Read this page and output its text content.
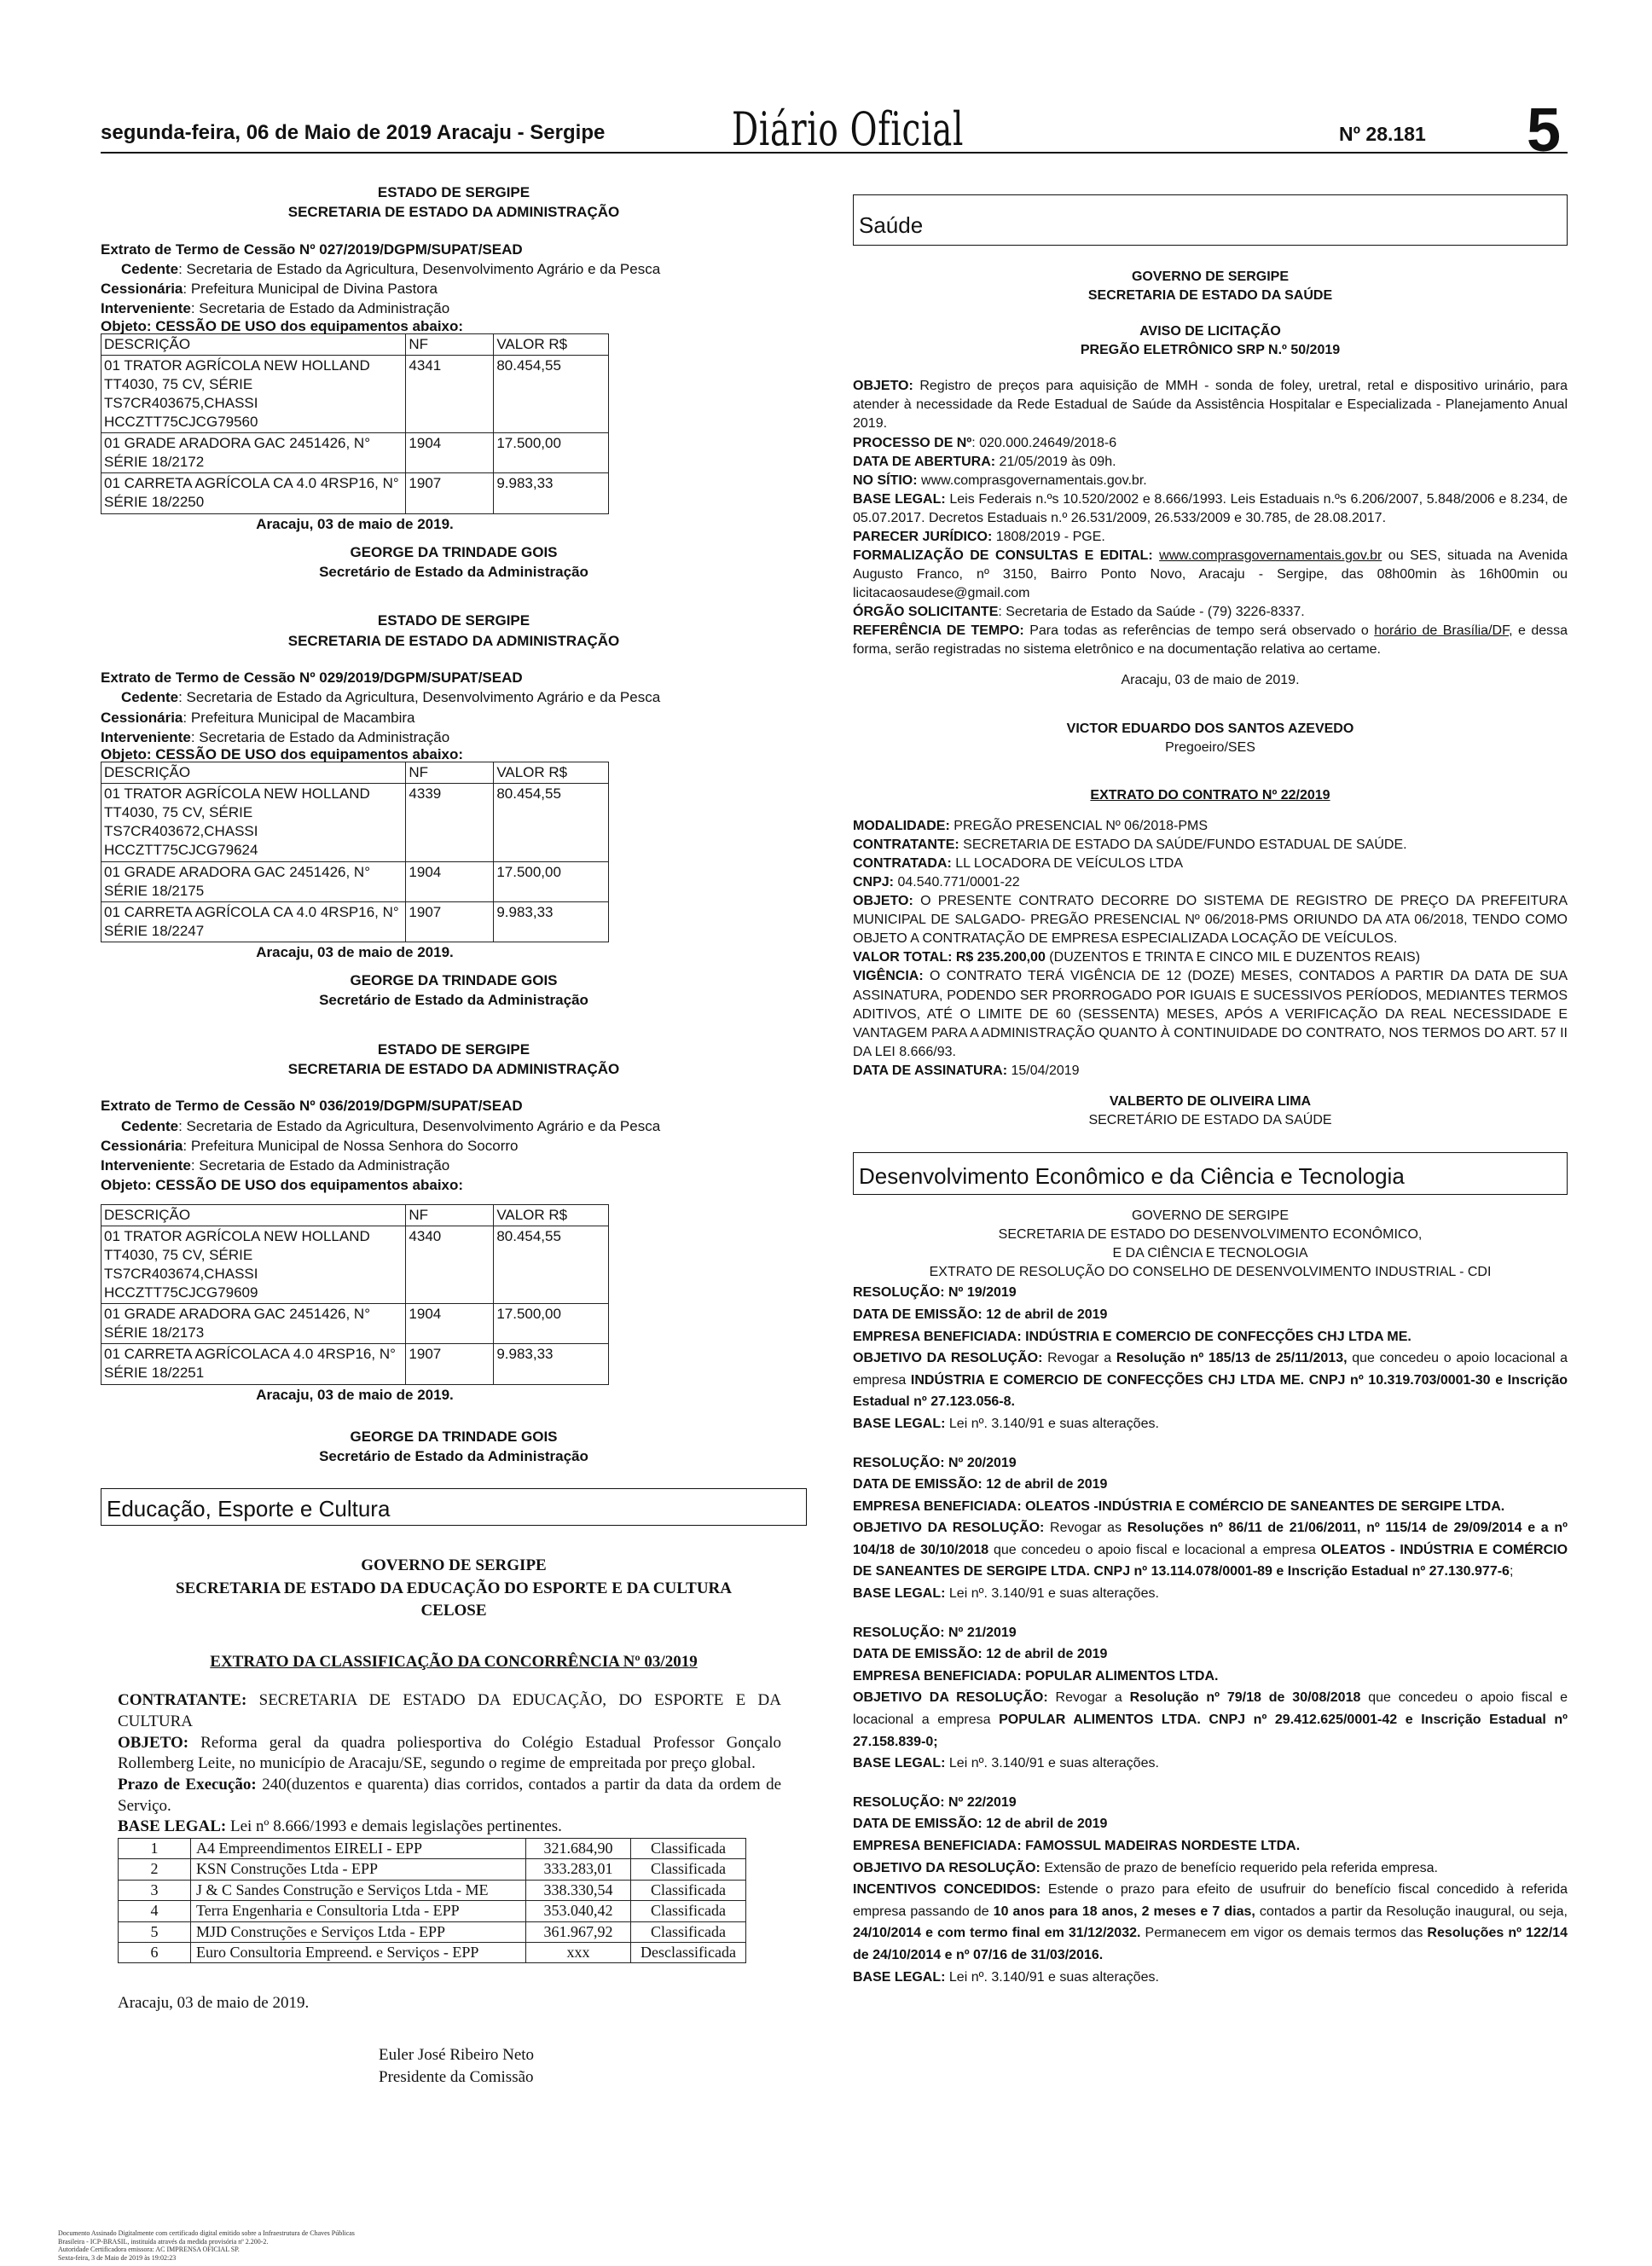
segunda-feira, 06 de Maio de 2019 Aracaju - Sergipe	Diário Oficial	Nº 28.181 5

ESTADO DE SERGIPE

SECRETARIA DE ESTADO DA ADMINISTRAÇÃO

Extrato de Termo de Cessão Nº 027/2019/DGPM/SUPAT/SEAD

Cedente: Secretaria de Estado da Agricultura, Desenvolvimento Agrário e da Pesca

Cessionária: Prefeitura Municipal de Divina Pastora

Interveniente: Secretaria de Estado da Administração

Objeto: CESSÃO DE USO dos equipamentos abaixo:

DESCRIÇÃO	NF	VALOR R$
01 TRATOR AGRÍCOLA NEW HOLLAND TT4030, 75 CV, SÉRIE TS7CR403675,CHASSI HCCZTT75CJCG79560	4341	80.454,55
01 GRADE ARADORA GAC 2451426, N° SÉRIE 18/2172	1904	17.500,00
01 CARRETA AGRÍCOLA CA 4.0 4RSP16, N° SÉRIE 18/2250	1907	9.983,33

Aracaju, 03 de maio de 2019.

GEORGE DA TRINDADE GOIS

Secretário de Estado da Administração

ESTADO DE SERGIPE

SECRETARIA DE ESTADO DA ADMINISTRAÇÃO

Extrato de Termo de Cessão Nº 029/2019/DGPM/SUPAT/SEAD

Cedente: Secretaria de Estado da Agricultura, Desenvolvimento Agrário e da Pesca

Cessionária: Prefeitura Municipal de Macambira

Interveniente: Secretaria de Estado da Administração

Objeto: CESSÃO DE USO dos equipamentos abaixo:

DESCRIÇÃO	NF	VALOR R$
01 TRATOR AGRÍCOLA NEW HOLLAND TT4030, 75 CV, SÉRIE TS7CR403672,CHASSI HCCZTT75CJCG79624	4339	80.454,55
01 GRADE ARADORA GAC 2451426, N° SÉRIE 18/2175	1904	17.500,00
01 CARRETA AGRÍCOLA CA 4.0 4RSP16, N° SÉRIE 18/2247	1907	9.983,33

Aracaju, 03 de maio de 2019.

GEORGE DA TRINDADE GOIS

Secretário de Estado da Administração

ESTADO DE SERGIPE

SECRETARIA DE ESTADO DA ADMINISTRAÇÃO

Extrato de Termo de Cessão Nº 036/2019/DGPM/SUPAT/SEAD

Cedente: Secretaria de Estado da Agricultura, Desenvolvimento Agrário e da Pesca

Cessionária: Prefeitura Municipal de Nossa Senhora do Socorro

Interveniente: Secretaria de Estado da Administração

Objeto: CESSÃO DE USO dos equipamentos abaixo:

DESCRIÇÃO	NF	VALOR R$
01 TRATOR AGRÍCOLA NEW HOLLAND TT4030, 75 CV, SÉRIE TS7CR403674,CHASSI HCCZTT75CJCG79609	4340	80.454,55
01 GRADE ARADORA GAC 2451426, N° SÉRIE 18/2173	1904	17.500,00
01 CARRETA AGRÍCOLACA 4.0 4RSP16, N° SÉRIE 18/2251	1907	9.983,33

Aracaju, 03 de maio de 2019.

GEORGE DA TRINDADE GOIS

Secretário de Estado da Administração

Educação, Esporte e Cultura

GOVERNO DE SERGIPE

SECRETARIA DE ESTADO DA EDUCAÇÃO DO ESPORTE E DA CULTURA

CELOSE

EXTRATO DA CLASSIFICAÇÃO DA CONCORRÊNCIA Nº 03/2019

CONTRATANTE: SECRETARIA DE ESTADO DA EDUCAÇÃO, DO ESPORTE E DA CULTURA

OBJETO: Reforma geral da quadra poliesportiva do Colégio Estadual Professor Gonçalo Rollemberg Leite, no município de Aracaju/SE, segundo o regime de empreitada por preço global.

Prazo de Execução: 240(duzentos e quarenta) dias corridos, contados a partir da data da ordem de Serviço.

BASE LEGAL: Lei nº 8.666/1993 e demais legislações pertinentes.

1	A4 Empreendimentos EIRELI - EPP	321.684,90	Classificada
2	KSN Construções Ltda - EPP	333.283,01	Classificada
3	J & C Sandes Construção e Serviços Ltda - ME	338.330,54	Classificada
4	Terra Engenharia e Consultoria Ltda - EPP	353.040,42	Classificada
5	MJD Construções e Serviços Ltda - EPP	361.967,92	Classificada
6	Euro Consultoria Empreend. e Serviços - EPP	xxx	Desclassificada

Aracaju, 03 de maio de 2019.

Euler José Ribeiro Neto

Presidente da Comissão

Saúde

GOVERNO DE SERGIPE

SECRETARIA DE ESTADO DA SAÚDE

AVISO DE LICITAÇÃO

PREGÃO ELETRÔNICO SRP N.º 50/2019

OBJETO: Registro de preços para aquisição de MMH - sonda de foley, uretral, retal e dispositivo urinário, para atender à necessidade da Rede Estadual de Saúde da Assistência Hospitalar e Especializada - Planejamento Anual 2019.

PROCESSO DE Nº: 020.000.24649/2018-6

DATA DE ABERTURA: 21/05/2019 às 09h.

NO SÍTIO: www.comprasgovernamentais.gov.br.

BASE LEGAL: Leis Federais n.ºs 10.520/2002 e 8.666/1993. Leis Estaduais n.ºs 6.206/2007, 5.848/2006 e 8.234, de 05.07.2017. Decretos Estaduais n.º 26.531/2009, 26.533/2009 e 30.785, de 28.08.2017.

PARECER JURÍDICO: 1808/2019 - PGE.

FORMALIZAÇÃO DE CONSULTAS E EDITAL: www.comprasgovernamentais.gov.br ou SES, situada na Avenida Augusto Franco, nº 3150, Bairro Ponto Novo, Aracaju - Sergipe, das 08h00min às 16h00min ou licitacaosaudese@gmail.com

ÓRGÃO SOLICITANTE: Secretaria de Estado da Saúde - (79) 3226-8337.

REFERÊNCIA DE TEMPO: Para todas as referências de tempo será observado o horário de Brasília/DF, e dessa forma, serão registradas no sistema eletrônico e na documentação relativa ao certame.

Aracaju, 03 de maio de 2019.

VICTOR EDUARDO DOS SANTOS AZEVEDO

Pregoeiro/SES

EXTRATO DO CONTRATO Nº 22/2019

MODALIDADE: PREGÃO PRESENCIAL Nº 06/2018-PMS

CONTRATANTE: SECRETARIA DE ESTADO DA SAÚDE/FUNDO ESTADUAL DE SAÚDE.

CONTRATADA: LL LOCADORA DE VEÍCULOS LTDA

CNPJ: 04.540.771/0001-22

OBJETO: O PRESENTE CONTRATO DECORRE DO SISTEMA DE REGISTRO DE PREÇO DA PREFEITURA MUNICIPAL DE SALGADO- PREGÃO PRESENCIAL Nº 06/2018-PMS ORIUNDO DA ATA 06/2018, TENDO COMO OBJETO A CONTRATAÇÃO DE EMPRESA ESPECIALIZADA LOCAÇÃO DE VEÍCULOS.

VALOR TOTAL: R$ 235.200,00 (DUZENTOS E TRINTA E CINCO MIL E DUZENTOS REAIS)

VIGÊNCIA: O CONTRATO TERÁ VIGÊNCIA DE 12 (DOZE) MESES, CONTADOS A PARTIR DA DATA DE SUA ASSINATURA, PODENDO SER PRORROGADO POR IGUAIS E SUCESSIVOS PERÍODOS, MEDIANTES TERMOS ADITIVOS, ATÉ O LIMITE DE 60 (SESSENTA) MESES, APÓS A VERIFICAÇÃO DA REAL NECESSIDADE E VANTAGEM PARA A ADMINISTRAÇÃO QUANTO À CONTINUIDADE DO CONTRATO, NOS TERMOS DO ART. 57 II DA LEI 8.666/93.

DATA DE ASSINATURA: 15/04/2019

VALBERTO DE OLIVEIRA LIMA

SECRETÁRIO DE ESTADO DA SAÚDE

Desenvolvimento Econômico e da Ciência e Tecnologia

GOVERNO DE SERGIPE

SECRETARIA DE ESTADO DO DESENVOLVIMENTO ECONÔMICO,

E DA CIÊNCIA E TECNOLOGIA

EXTRATO DE RESOLUÇÃO DO CONSELHO DE DESENVOLVIMENTO INDUSTRIAL - CDI

RESOLUÇÃO: Nº 19/2019

DATA DE EMISSÃO: 12 de abril de 2019

EMPRESA BENEFICIADA: INDÚSTRIA E COMERCIO DE CONFECÇÕES CHJ LTDA ME.

OBJETIVO DA RESOLUÇÃO: Revogar a Resolução nº 185/13 de 25/11/2013, que concedeu o apoio locacional a empresa INDÚSTRIA E COMERCIO DE CONFECÇÕES CHJ LTDA ME. CNPJ nº 10.319.703/0001-30 e Inscrição Estadual nº 27.123.056-8.

BASE LEGAL: Lei nº. 3.140/91 e suas alterações.

RESOLUÇÃO: Nº 20/2019

DATA DE EMISSÃO: 12 de abril de 2019

EMPRESA BENEFICIADA: OLEATOS -INDÚSTRIA E COMÉRCIO DE SANEANTES DE SERGIPE LTDA.

OBJETIVO DA RESOLUÇÃO: Revogar as Resoluções nº 86/11 de 21/06/2011, nº 115/14 de 29/09/2014 e a nº 104/18 de 30/10/2018 que concedeu o apoio fiscal e locacional a empresa OLEATOS - INDÚSTRIA E COMÉRCIO DE SANEANTES DE SERGIPE LTDA. CNPJ nº 13.114.078/0001-89 e Inscrição Estadual nº 27.130.977-6;

BASE LEGAL: Lei nº. 3.140/91 e suas alterações.

RESOLUÇÃO: Nº 21/2019

DATA DE EMISSÃO: 12 de abril de 2019

EMPRESA BENEFICIADA: POPULAR ALIMENTOS LTDA.

OBJETIVO DA RESOLUÇÃO: Revogar a Resolução nº 79/18 de 30/08/2018 que concedeu o apoio fiscal e locacional a empresa POPULAR ALIMENTOS LTDA. CNPJ nº 29.412.625/0001-42 e Inscrição Estadual nº 27.158.839-0;

BASE LEGAL: Lei nº. 3.140/91 e suas alterações.

RESOLUÇÃO: Nº 22/2019

DATA DE EMISSÃO: 12 de abril de 2019

EMPRESA BENEFICIADA: FAMOSSUL MADEIRAS NORDESTE LTDA.

OBJETIVO DA RESOLUÇÃO: Extensão de prazo de benefício requerido pela referida empresa.

INCENTIVOS CONCEDIDOS: Estende o prazo para efeito de usufruir do benefício fiscal concedido à referida empresa passando de 10 anos para 18 anos, 2 meses e 7 dias, contados a partir da Resolução inaugural, ou seja, 24/10/2014 e com termo final em 31/12/2032. Permanecem em vigor os demais termos das Resoluções nº 122/14 de 24/10/2014 e nº 07/16 de 31/03/2016.

BASE LEGAL: Lei nº. 3.140/91 e suas alterações.

Documento Assinado Digitalmente com certificado digital emitido sobre a Infraestrutura de Chaves Públicas
Brasileira - ICP-BRASIL, instituída através da medida provisória nº 2.200-2.
Autoridade Certificadora emissora: AC IMPRENSA OFICIAL SP.
Sexta-feira, 3 de Maio de 2019 às 19:02:23
